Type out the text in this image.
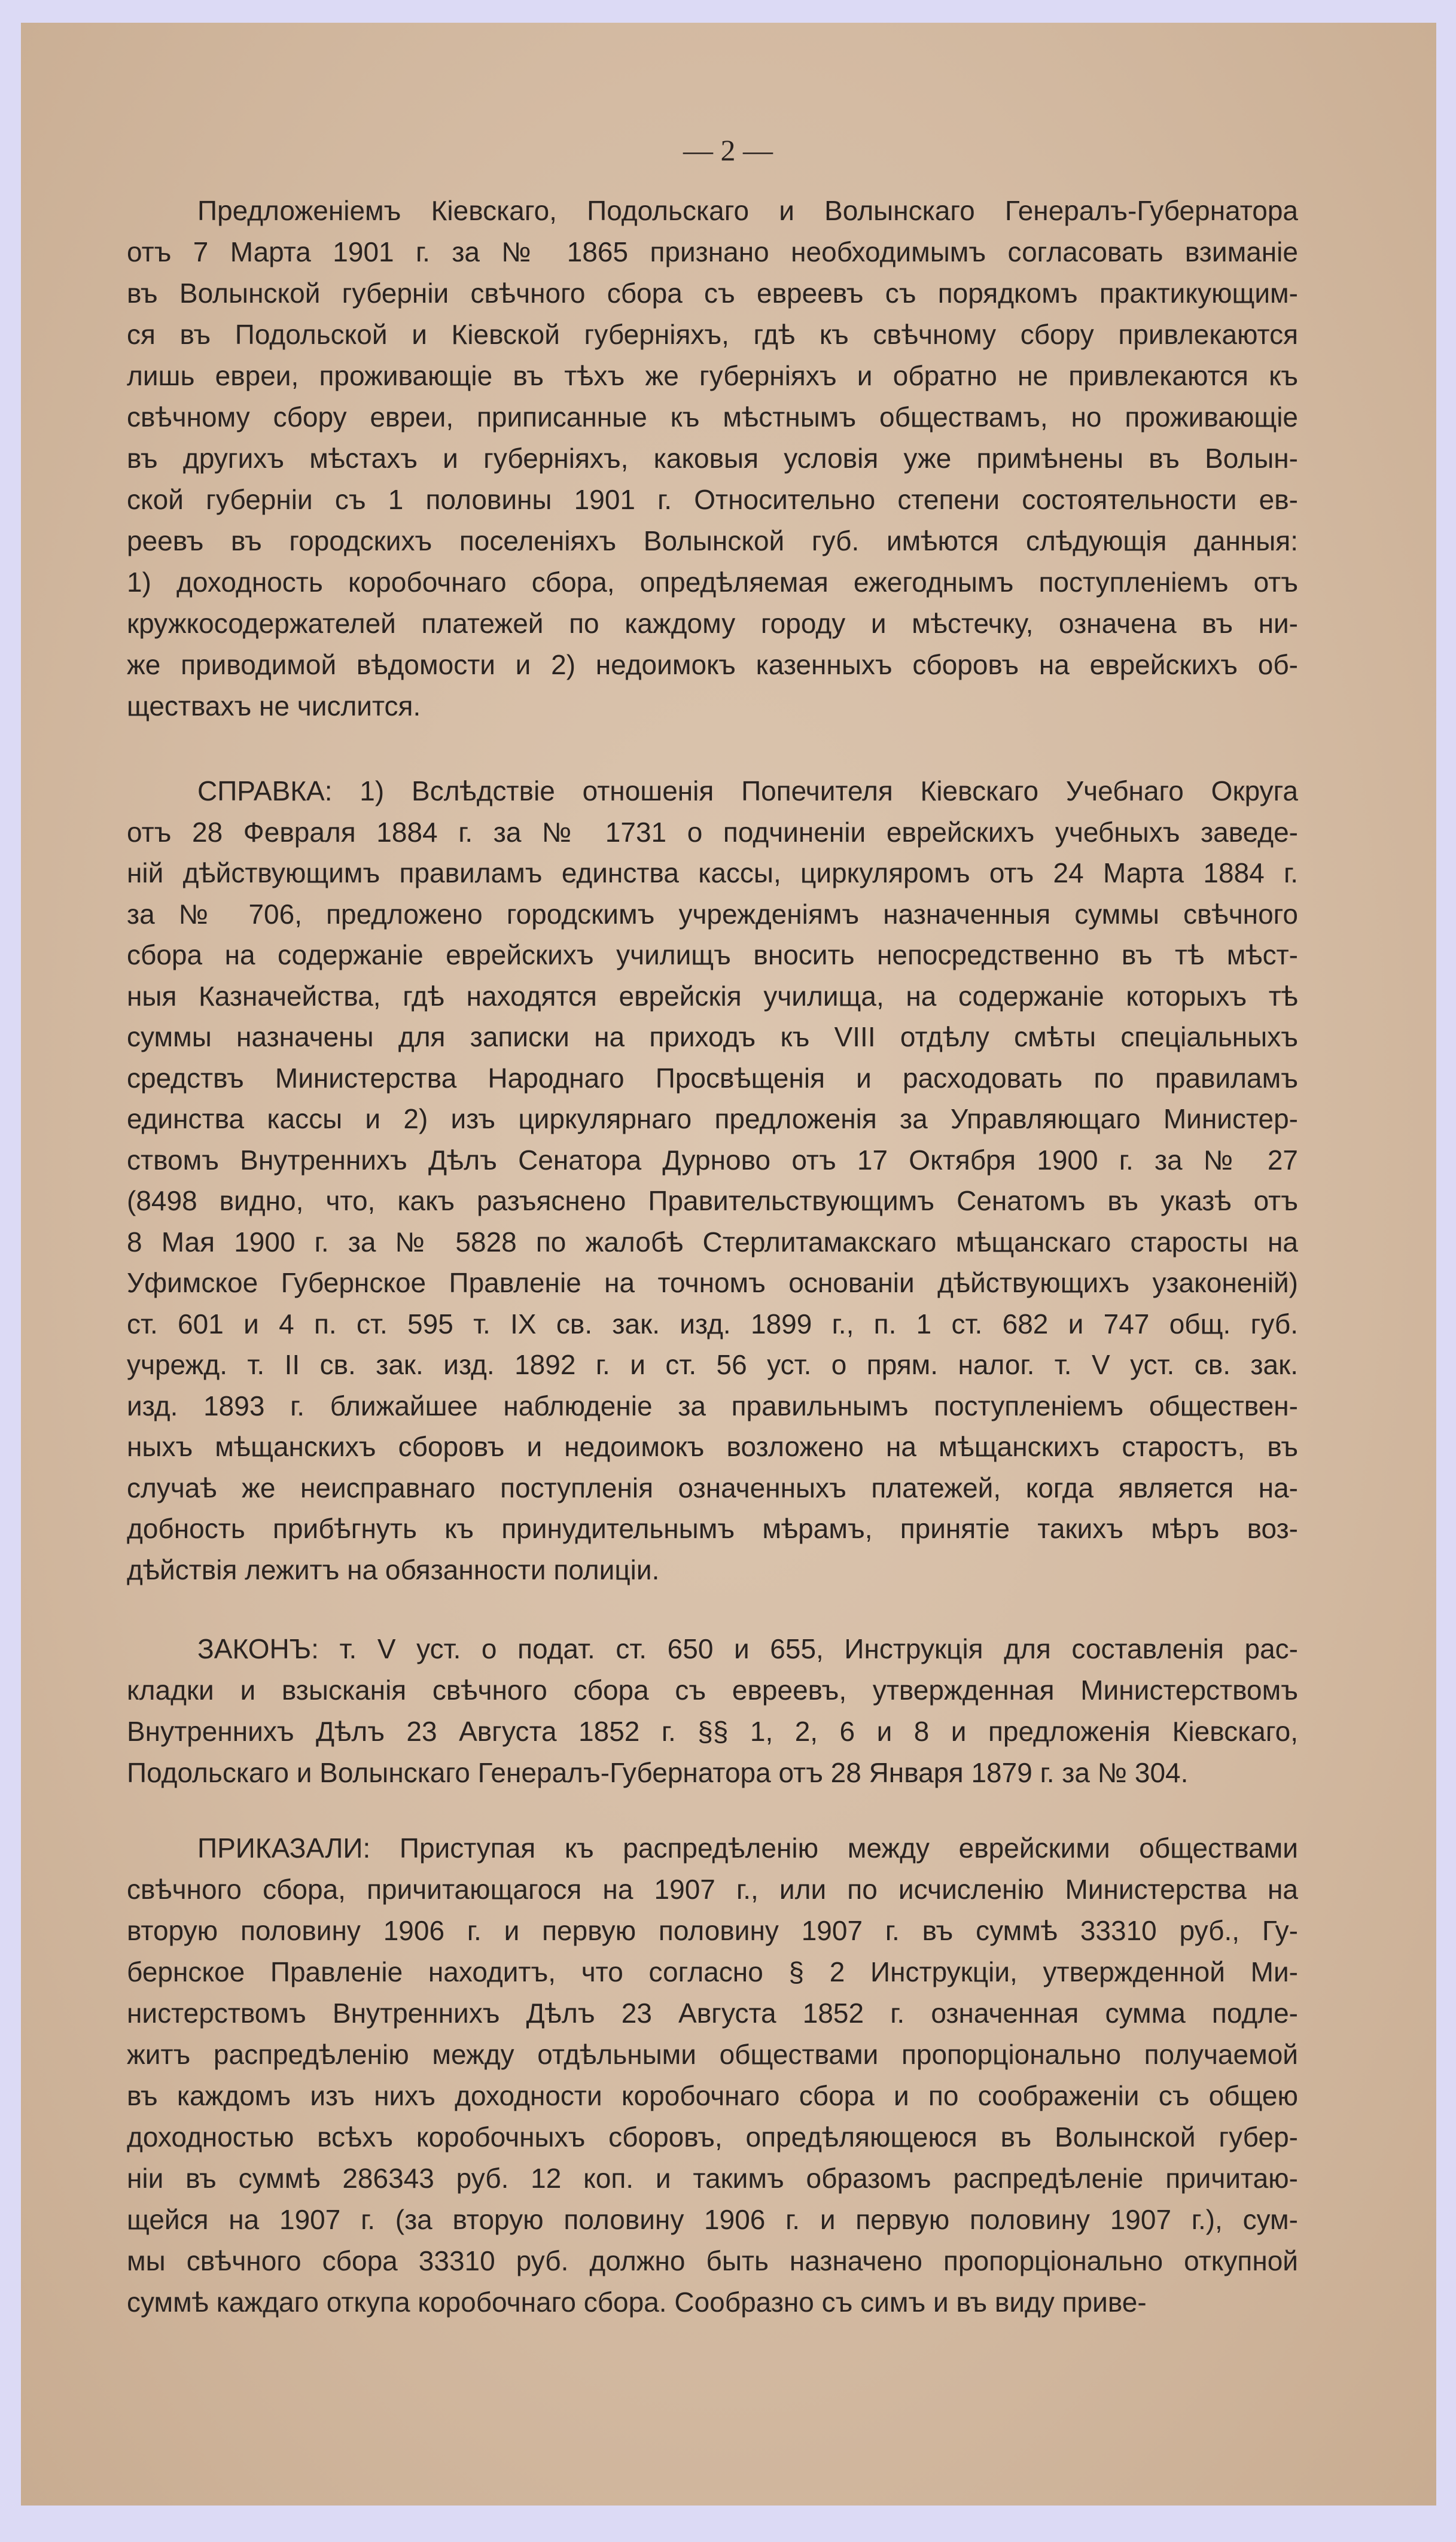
— 2 —
Предложеніемъ Кіевскаго, Подольскаго и Волынскаго Генералъ-Губернатора
отъ 7 Марта 1901 г. за № 1865 признано необходимымъ согласовать взиманіе
въ Волынской губерніи свѣчного сбора съ евреевъ съ порядкомъ практикующим-
ся въ Подольской и Кіевской губерніяхъ, гдѣ къ свѣчному сбору привлекаются
лишь евреи, проживающіе въ тѣхъ же губерніяхъ и обратно не привлекаются къ
свѣчному сбору евреи, приписанные къ мѣстнымъ обществамъ, но проживающіе
въ другихъ мѣстахъ и губерніяхъ, каковыя условія уже примѣнены въ Волын-
ской губерніи съ 1 половины 1901 г. Относительно степени состоятельности ев-
реевъ въ городскихъ поселеніяхъ Волынской губ. имѣются слѣдующія данныя:
1) доходность коробочнаго сбора, опредѣляемая ежегоднымъ поступленіемъ отъ
кружкосодержателей платежей по каждому городу и мѣстечку, означена въ ни-
же приводимой вѣдомости и 2) недоимокъ казенныхъ сборовъ на еврейскихъ об-
ществахъ не числится.
СПРАВКА: 1) Вслѣдствіе отношенія Попечителя Кіевскаго Учебнаго Округа
отъ 28 Февраля 1884 г. за № 1731 о подчиненіи еврейскихъ учебныхъ заведе-
ній дѣйствующимъ правиламъ единства кассы, циркуляромъ отъ 24 Марта 1884 г.
за № 706, предложено городскимъ учрежденіямъ назначенныя суммы свѣчного
сбора на содержаніе еврейскихъ училищъ вносить непосредственно въ тѣ мѣст-
ныя Казначейства, гдѣ находятся еврейскія училища, на содержаніе которыхъ тѣ
суммы назначены для записки на приходъ къ VIII отдѣлу смѣты спеціальныхъ
средствъ Министерства Народнаго Просвѣщенія и расходовать по правиламъ
единства кассы и 2) изъ циркулярнаго предложенія за Управляющаго Министер-
ствомъ Внутреннихъ Дѣлъ Сенатора Дурново отъ 17 Октября 1900 г. за № 27
(8498 видно, что, какъ разъяснено Правительствующимъ Сенатомъ въ указѣ отъ
8 Мая 1900 г. за № 5828 по жалобѣ Стерлитамакскаго мѣщанскаго старосты на
Уфимское Губернское Правленіе на точномъ основаніи дѣйствующихъ узаконеній)
ст. 601 и 4 п. ст. 595 т. IX св. зак. изд. 1899 г., п. 1 ст. 682 и 747 общ. губ.
учрежд. т. II св. зак. изд. 1892 г. и ст. 56 уст. о прям. налог. т. V уст. св. зак.
изд. 1893 г. ближайшее наблюденіе за правильнымъ поступленіемъ обществен-
ныхъ мѣщанскихъ сборовъ и недоимокъ возложено на мѣщанскихъ старостъ, въ
случаѣ же неисправнаго поступленія означенныхъ платежей, когда является на-
добность прибѣгнуть къ принудительнымъ мѣрамъ, принятіе такихъ мѣръ воз-
дѣйствія лежитъ на обязанности полиціи.
ЗАКОНЪ: т. V уст. о подат. ст. 650 и 655, Инструкція для составленія рас-
кладки и взысканія свѣчного сбора съ евреевъ, утвержденная Министерствомъ
Внутреннихъ Дѣлъ 23 Августа 1852 г. §§ 1, 2, 6 и 8 и предложенія Кіевскаго,
Подольскаго и Волынскаго Генералъ-Губернатора отъ 28 Января 1879 г. за № 304.
ПРИКАЗАЛИ: Приступая къ распредѣленію между еврейскими обществами
свѣчного сбора, причитающагося на 1907 г., или по исчисленію Министерства на
вторую половину 1906 г. и первую половину 1907 г. въ суммѣ 33310 руб., Гу-
бернское Правленіе находитъ, что согласно § 2 Инструкціи, утвержденной Ми-
нистерствомъ Внутреннихъ Дѣлъ 23 Августа 1852 г. означенная сумма подле-
житъ распредѣленію между отдѣльными обществами пропорціонально получаемой
въ каждомъ изъ нихъ доходности коробочнаго сбора и по соображеніи съ общею
доходностью всѣхъ коробочныхъ сборовъ, опредѣляющеюся въ Волынской губер-
ніи въ суммѣ 286343 руб. 12 коп. и такимъ образомъ распредѣленіе причитаю-
щейся на 1907 г. (за вторую половину 1906 г. и первую половину 1907 г.), сум-
мы свѣчного сбора 33310 руб. должно быть назначено пропорціонально откупной
суммѣ каждаго откупа коробочнаго сбора. Сообразно съ симъ и въ виду приве-
